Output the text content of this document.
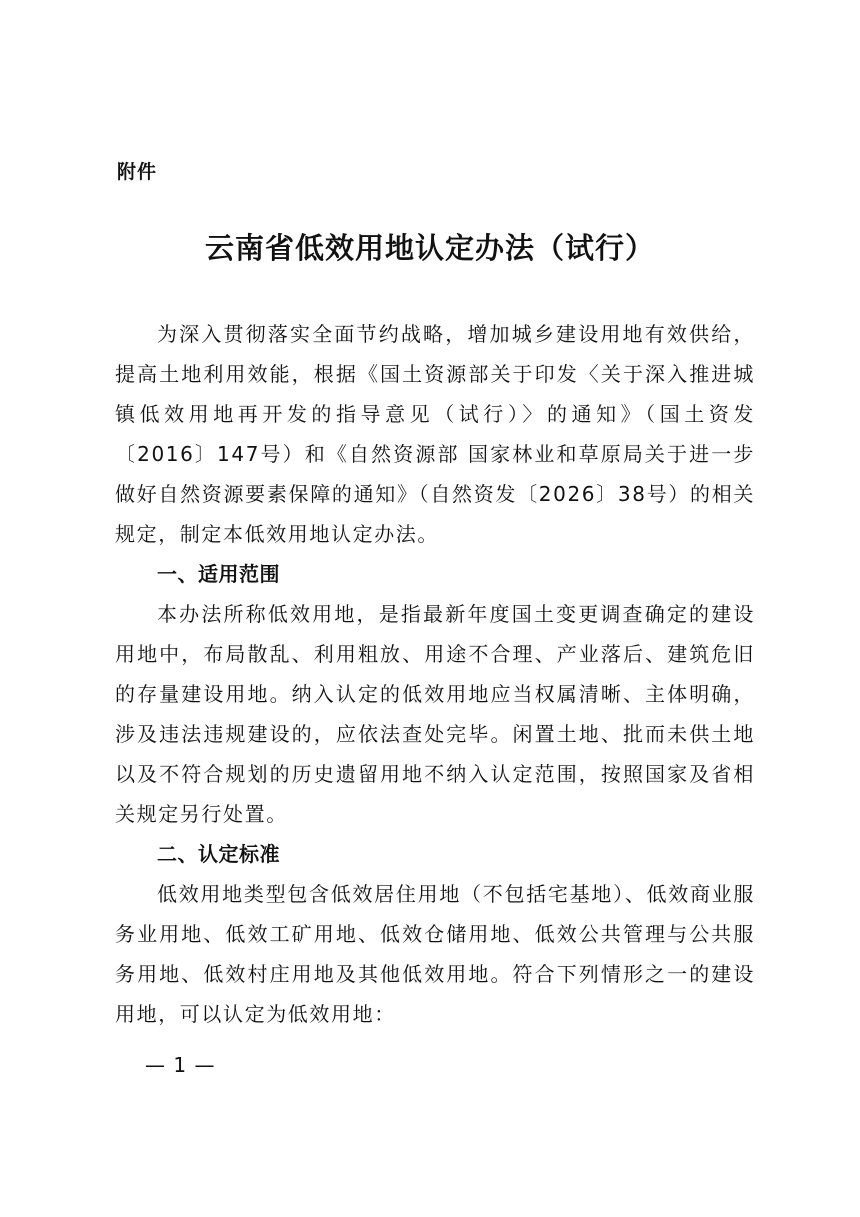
附件
云南省低效用地认定办法（试行）

为深入贯彻落实全面节约战略，增加城乡建设用地有效供给，提高土地利用效能，根据《国土资源部关于印发〈关于深入推进城镇低效用地再开发的指导意见（试行）〉的通知》（国土资发〔2016〕147号）和《自然资源部 国家林业和草原局关于进一步做好自然资源要素保障的通知》（自然资发〔2026〕38号）的相关规定，制定本低效用地认定办法。

一、适用范围

本办法所称低效用地，是指最新年度国土变更调查确定的建设用地中，布局散乱、利用粗放、用途不合理、产业落后、建筑危旧的存量建设用地。纳入认定的低效用地应当权属清晰、主体明确，涉及违法违规建设的，应依法查处完毕。闲置土地、批而未供土地以及不符合规划的历史遗留用地不纳入认定范围，按照国家及省相关规定另行处置。

二、认定标准

低效用地类型包含低效居住用地（不包括宅基地）、低效商业服务业用地、低效工矿用地、低效仓储用地、低效公共管理与公共服务用地、低效村庄用地及其他低效用地。符合下列情形之一的建设用地，可以认定为低效用地：

— 1 —
